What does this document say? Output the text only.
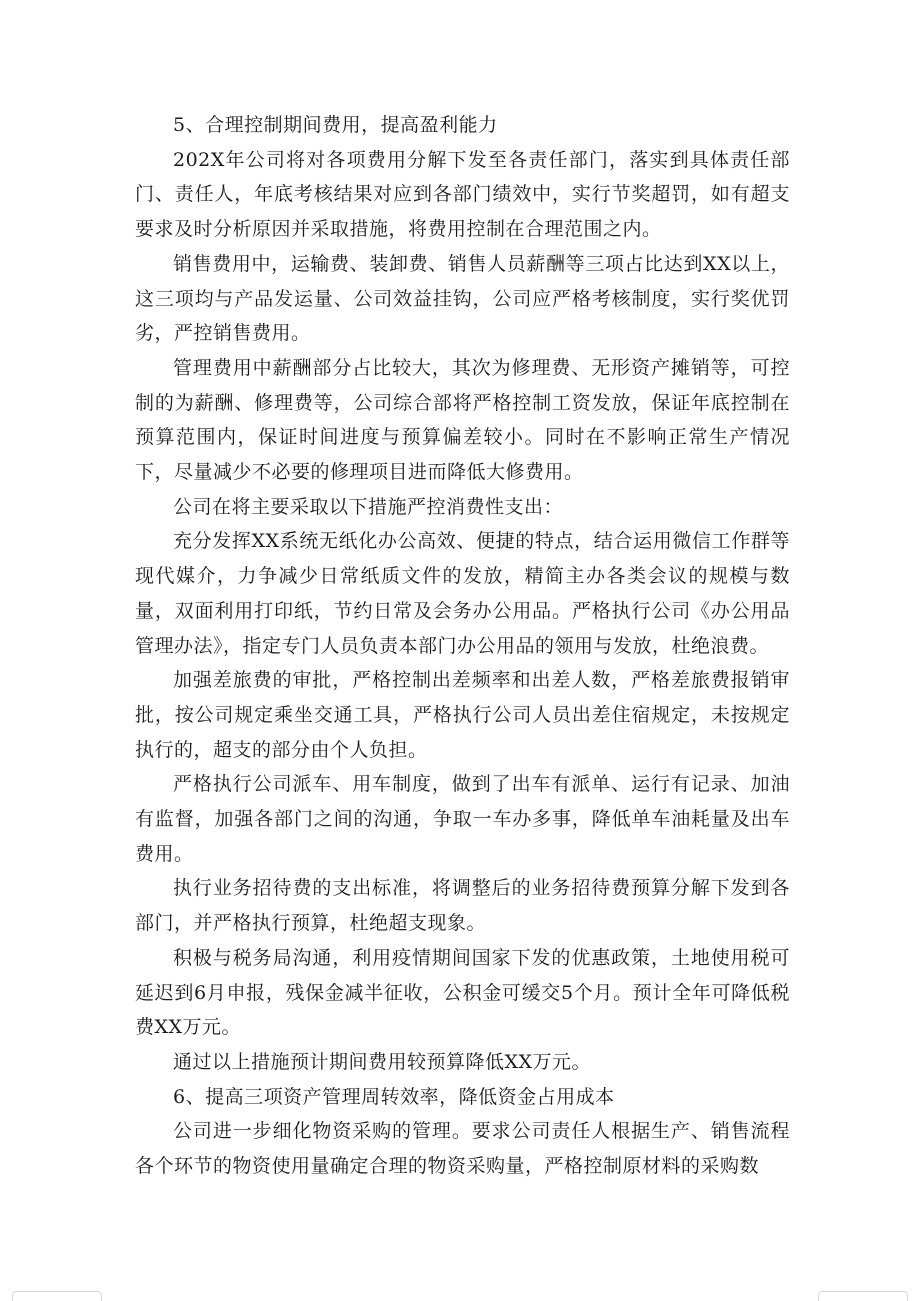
5、合理控制期间费用，提高盈利能力

202X年公司将对各项费用分解下发至各责任部门，落实到具体责任部门、责任人，年底考核结果对应到各部门绩效中，实行节奖超罚，如有超支要求及时分析原因并采取措施，将费用控制在合理范围之内。

销售费用中，运输费、装卸费、销售人员薪酬等三项占比达到XX以上，这三项均与产品发运量、公司效益挂钩，公司应严格考核制度，实行奖优罚劣，严控销售费用。

管理费用中薪酬部分占比较大，其次为修理费、无形资产摊销等，可控制的为薪酬、修理费等，公司综合部将严格控制工资发放，保证年底控制在预算范围内，保证时间进度与预算偏差较小。同时在不影响正常生产情况下，尽量减少不必要的修理项目进而降低大修费用。

公司在将主要采取以下措施严控消费性支出：

充分发挥XX系统无纸化办公高效、便捷的特点，结合运用微信工作群等现代媒介，力争减少日常纸质文件的发放，精简主办各类会议的规模与数量，双面利用打印纸，节约日常及会务办公用品。严格执行公司《办公用品管理办法》，指定专门人员负责本部门办公用品的领用与发放，杜绝浪费。

加强差旅费的审批，严格控制出差频率和出差人数，严格差旅费报销审批，按公司规定乘坐交通工具，严格执行公司人员出差住宿规定，未按规定执行的，超支的部分由个人负担。

严格执行公司派车、用车制度，做到了出车有派单、运行有记录、加油有监督，加强各部门之间的沟通，争取一车办多事，降低单车油耗量及出车费用。

执行业务招待费的支出标准，将调整后的业务招待费预算分解下发到各部门，并严格执行预算，杜绝超支现象。

积极与税务局沟通，利用疫情期间国家下发的优惠政策，土地使用税可延迟到6月申报，残保金减半征收，公积金可缓交5个月。预计全年可降低税费XX万元。

通过以上措施预计期间费用较预算降低XX万元。

6、提高三项资产管理周转效率，降低资金占用成本

公司进一步细化物资采购的管理。要求公司责任人根据生产、销售流程各个环节的物资使用量确定合理的物资采购量，严格控制原材料的采购数
